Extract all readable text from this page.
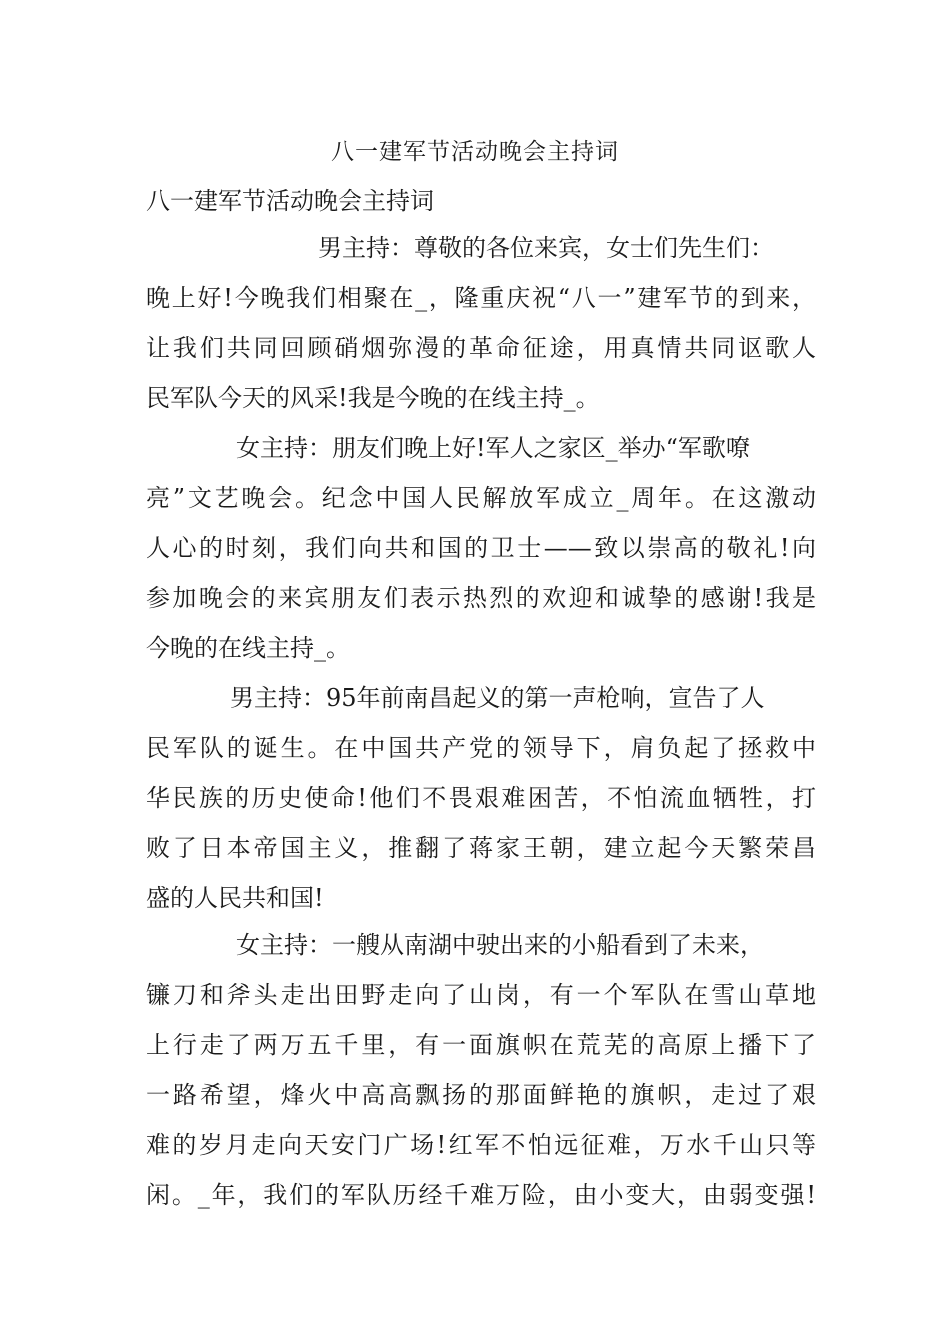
八一建军节活动晚会主持词
八一建军节活动晚会主持词
男主持：尊敬的各位来宾，女士们先生们：
晚上好!今晚我们相聚在_，隆重庆祝“八一”建军节的到来，
让我们共同回顾硝烟弥漫的革命征途，用真情共同讴歌人
民军队今天的风采!我是今晚的在线主持_。
女主持：朋友们晚上好!军人之家区_举办“军歌嘹
亮”文艺晚会。纪念中国人民解放军成立_周年。在这激动
人心的时刻，我们向共和国的卫士——致以崇高的敬礼!向
参加晚会的来宾朋友们表示热烈的欢迎和诚挚的感谢!我是
今晚的在线主持_。
男主持：95年前南昌起义的第一声枪响，宣告了人
民军队的诞生。在中国共产党的领导下，肩负起了拯救中
华民族的历史使命!他们不畏艰难困苦，不怕流血牺牲，打
败了日本帝国主义，推翻了蒋家王朝，建立起今天繁荣昌
盛的人民共和国!
女主持：一艘从南湖中驶出来的小船看到了未来，
镰刀和斧头走出田野走向了山岗，有一个军队在雪山草地
上行走了两万五千里，有一面旗帜在荒芜的高原上播下了
一路希望，烽火中高高飘扬的那面鲜艳的旗帜，走过了艰
难的岁月走向天安门广场!红军不怕远征难，万水千山只等
闲。_年，我们的军队历经千难万险，由小变大，由弱变强!
